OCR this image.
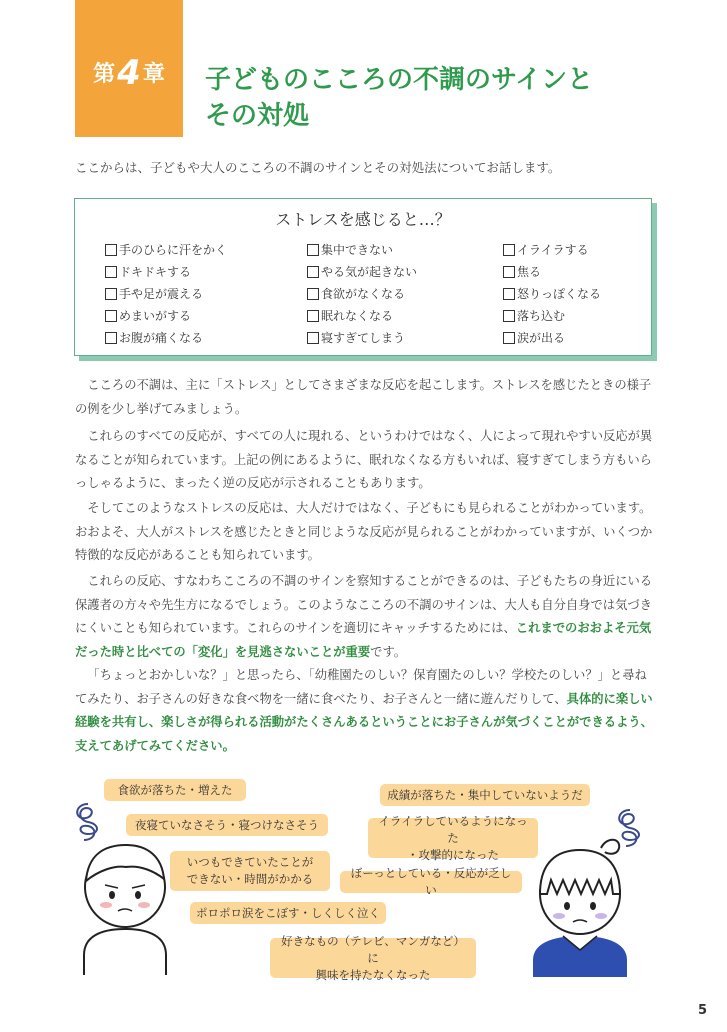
第4章	子どものこころの不調のサインと
その対処
ここからは、子どもや大人のこころの不調のサインとその対処法についてお話します。
ストレスを感じると…？
手のひらに汗をかく
ドキドキする
手や足が震える
めまいがする
お腹が痛くなる
集中できない
やる気が起きない
食欲がなくなる
眠れなくなる
寝すぎてしまう
イライラする
焦る
怒りっぽくなる
落ち込む
涙が出る

こころの不調は、主に「ストレス」としてさまざまな反応を起こします。ストレスを感じたときの様子の例を少し挙げてみましょう。

これらのすべての反応が、すべての人に現れる、というわけではなく、人によって現れやすい反応が異なることが知られています。上記の例にあるように、眠れなくなる方もいれば、寝すぎてしまう方もいらっしゃるように、まったく逆の反応が示されることもあります。

そしてこのようなストレスの反応は、大人だけではなく、子どもにも見られることがわかっています。おおよそ、大人がストレスを感じたときと同じような反応が見られることがわかっていますが、いくつか特徴的な反応があることも知られています。

これらの反応、すなわちこころの不調のサインを察知することができるのは、子どもたちの身近にいる保護者の方々や先生方になるでしょう。このようなこころの不調のサインは、大人も自分自身では気づきにくいことも知られています。これらのサインを適切にキャッチするためには、これまでのおおよそ元気だった時と比べての「変化」を見逃さないことが重要です。

「ちょっとおかしいな？」と思ったら、「幼稚園たのしい？保育園たのしい？学校たのしい？」と尋ねてみたり、お子さんの好きな食べ物を一緒に食べたり、お子さんと一緒に遊んだりして、具体的に楽しい経験を共有し、楽しさが得られる活動がたくさんあるということにお子さんが気づくことができるよう、支えてあげてみてください。

食欲が落ちた・増えた
夜寝ていなさそう・寝つけなさそう
いつもできていたことが
できない・時間がかかる
ポロポロ涙をこぼす・しくしく泣く
好きなもの（テレビ、マンガなど）に
興味を持たなくなった
成績が落ちた・集中していないようだ
イライラしているようになった
・攻撃的になった
ぼーっとしている・反応が乏しい
5
